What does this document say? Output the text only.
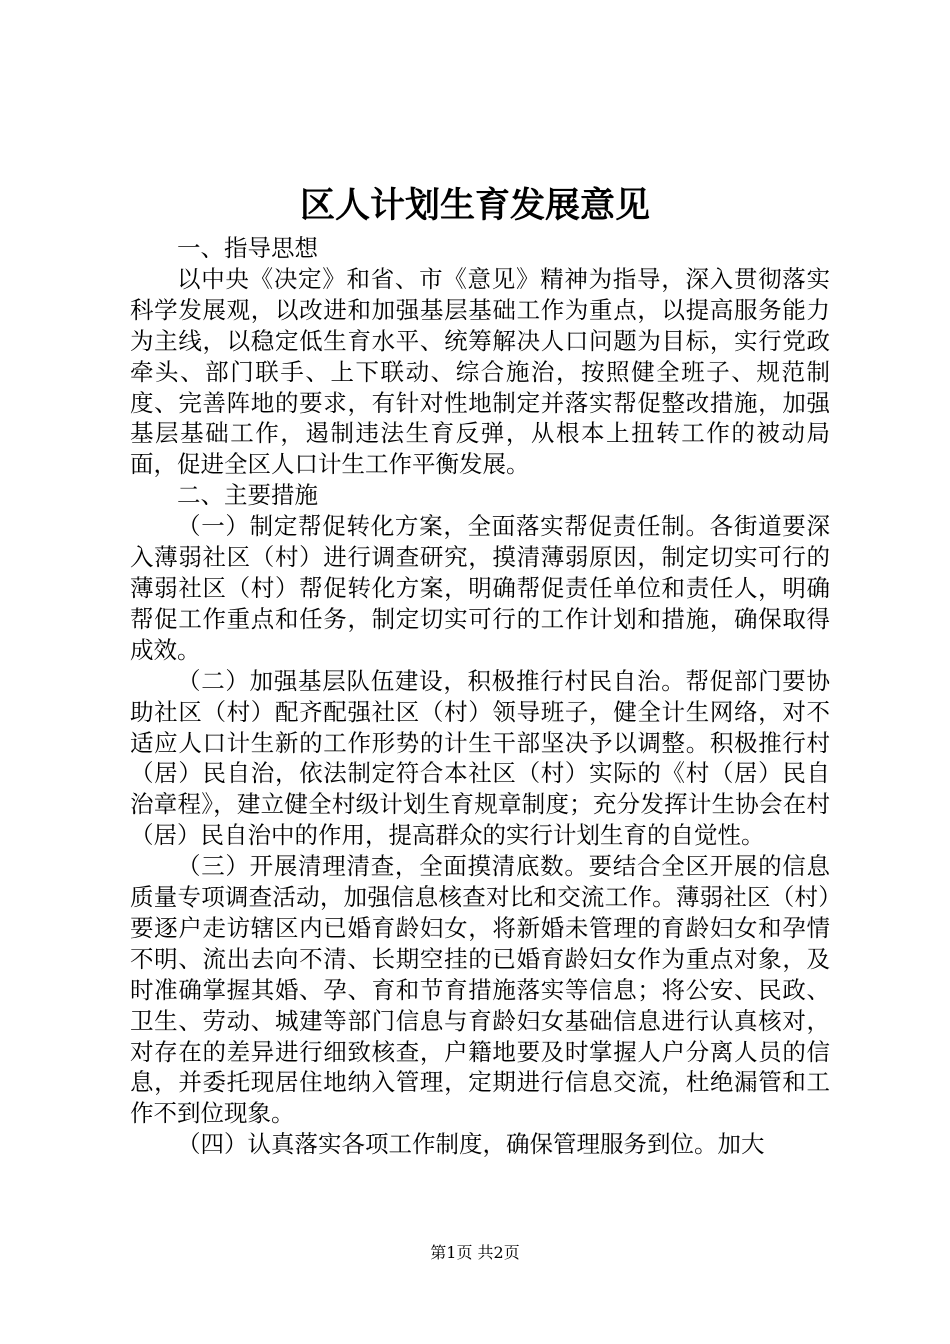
区人计划生育发展意见

一、指导思想

以中央《决定》和省、市《意见》精神为指导，深入贯彻落实科学发展观，以改进和加强基层基础工作为重点，以提高服务能力为主线，以稳定低生育水平、统筹解决人口问题为目标，实行党政牵头、部门联手、上下联动、综合施治，按照健全班子、规范制度、完善阵地的要求，有针对性地制定并落实帮促整改措施，加强基层基础工作，遏制违法生育反弹，从根本上扭转工作的被动局面，促进全区人口计生工作平衡发展。

二、主要措施

（一）制定帮促转化方案，全面落实帮促责任制。各街道要深入薄弱社区（村）进行调查研究，摸清薄弱原因，制定切实可行的薄弱社区（村）帮促转化方案，明确帮促责任单位和责任人，明确帮促工作重点和任务，制定切实可行的工作计划和措施，确保取得成效。

（二）加强基层队伍建设，积极推行村民自治。帮促部门要协助社区（村）配齐配强社区（村）领导班子，健全计生网络，对不适应人口计生新的工作形势的计生干部坚决予以调整。积极推行村（居）民自治，依法制定符合本社区（村）实际的《村（居）民自治章程》，建立健全村级计划生育规章制度；充分发挥计生协会在村（居）民自治中的作用，提高群众的实行计划生育的自觉性。

（三）开展清理清查，全面摸清底数。要结合全区开展的信息质量专项调查活动，加强信息核查对比和交流工作。薄弱社区（村）要逐户走访辖区内已婚育龄妇女，将新婚未管理的育龄妇女和孕情不明、流出去向不清、长期空挂的已婚育龄妇女作为重点对象，及时准确掌握其婚、孕、育和节育措施落实等信息；将公安、民政、卫生、劳动、城建等部门信息与育龄妇女基础信息进行认真核对，对存在的差异进行细致核查，户籍地要及时掌握人户分离人员的信息，并委托现居住地纳入管理，定期进行信息交流，杜绝漏管和工作不到位现象。

（四）认真落实各项工作制度，确保管理服务到位。加大

第1页 共2页
